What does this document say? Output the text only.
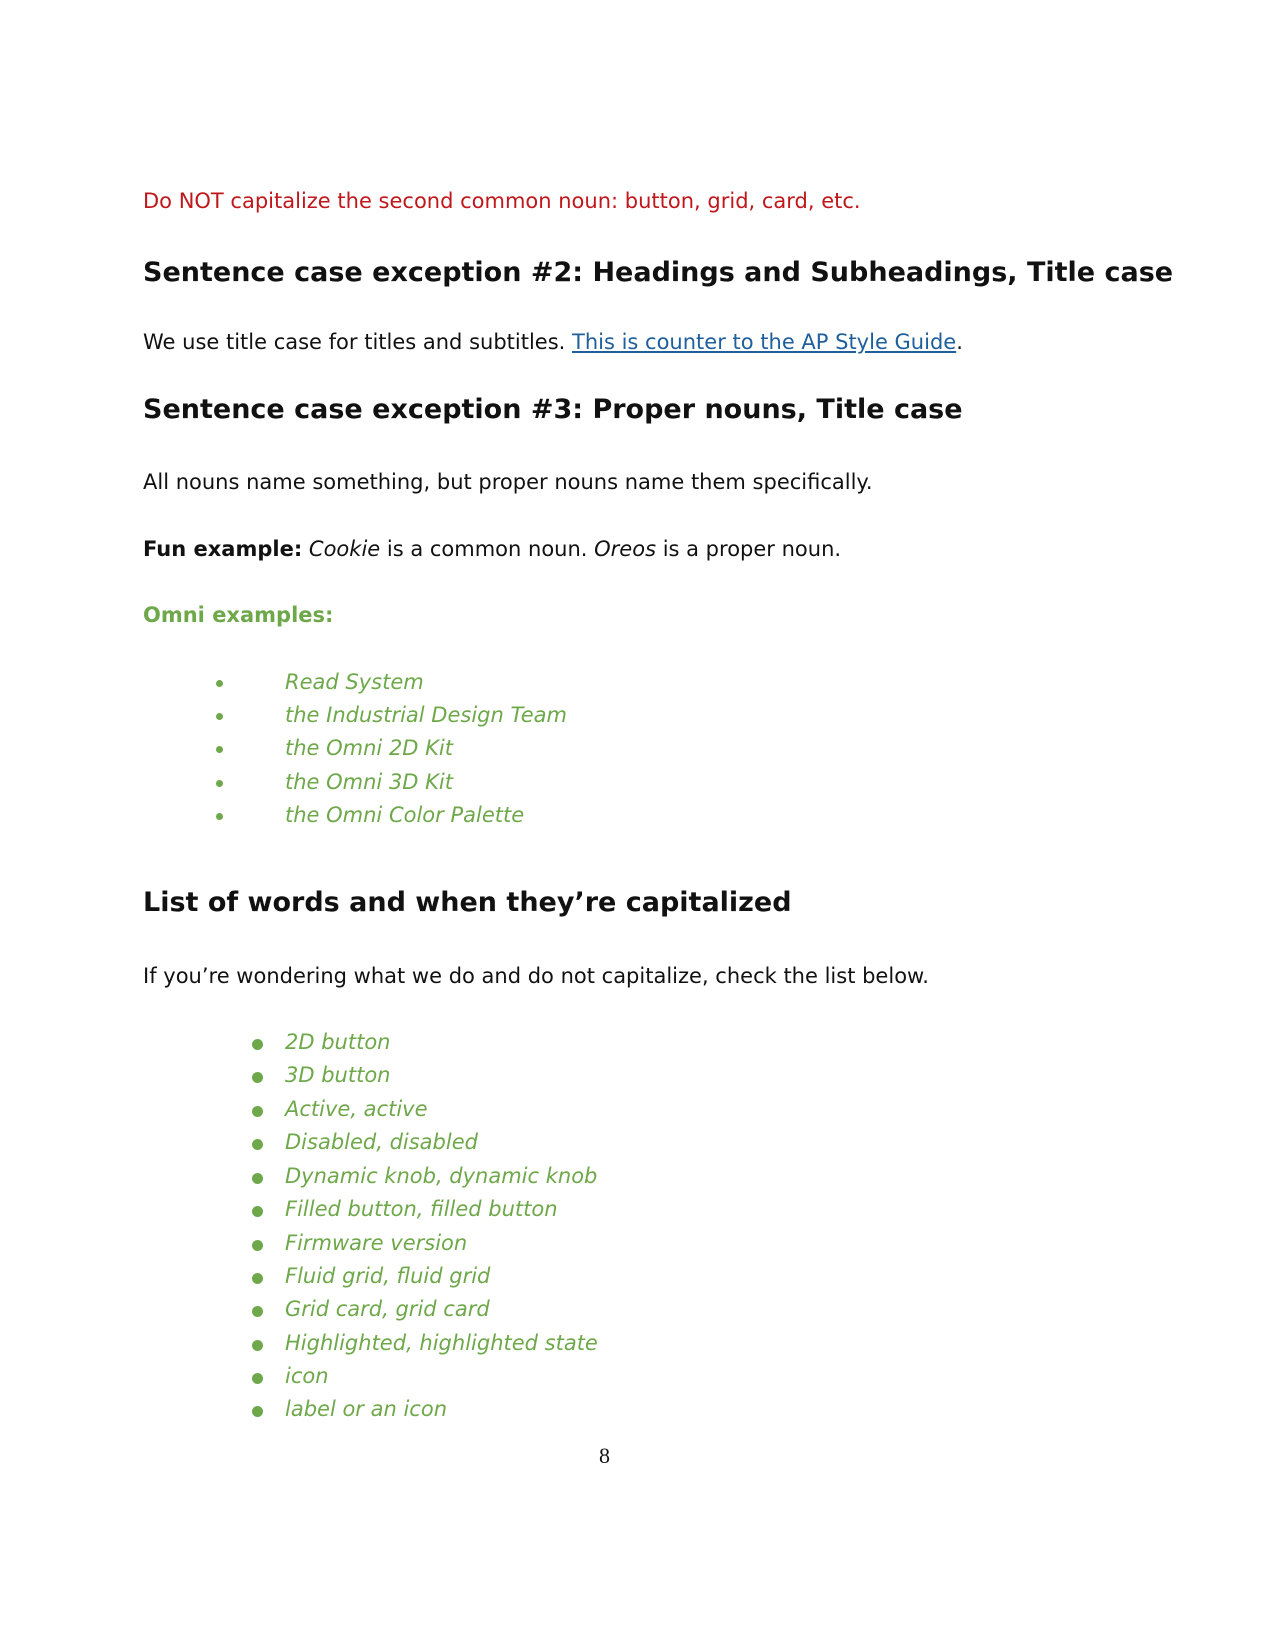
Do NOT capitalize the second common noun: button, grid, card, etc.
Sentence case exception #2: Headings and Subheadings, Title case
We use title case for titles and subtitles. This is counter to the AP Style Guide.
Sentence case exception #3: Proper nouns, Title case
All nouns name something, but proper nouns name them specifically.
Fun example: Cookie is a common noun. Oreos is a proper noun.
Omni examples:
Read System
the Industrial Design Team
the Omni 2D Kit
the Omni 3D Kit
the Omni Color Palette
List of words and when they’re capitalized
If you’re wondering what we do and do not capitalize, check the list below.
2D button
3D button
Active, active
Disabled, disabled
Dynamic knob, dynamic knob
Filled button, filled button
Firmware version
Fluid grid, fluid grid
Grid card, grid card
Highlighted, highlighted state
icon
label or an icon
8
